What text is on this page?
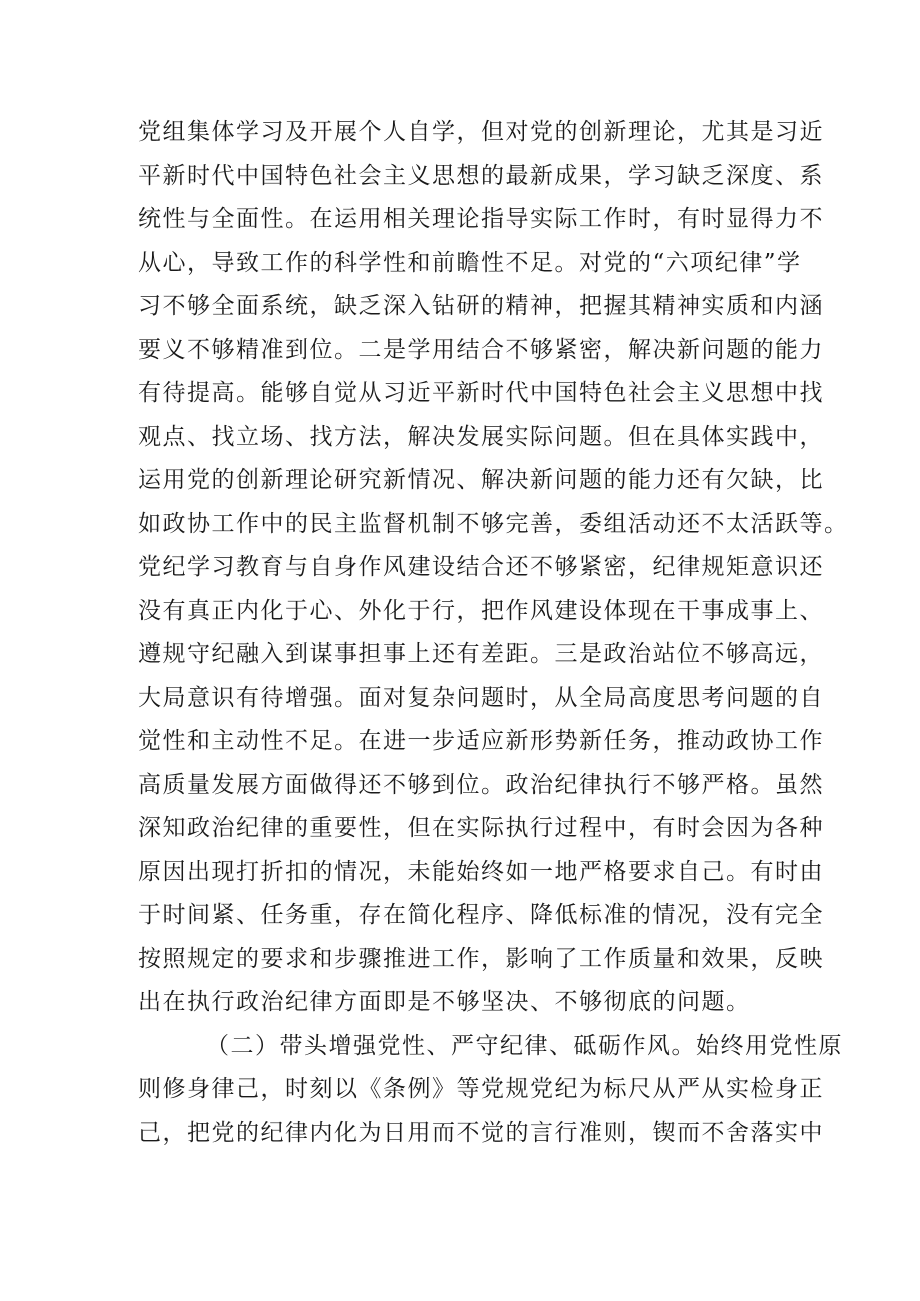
党组集体学习及开展个人自学，但对党的创新理论，尤其是习近
平新时代中国特色社会主义思想的最新成果，学习缺乏深度、系
统性与全面性。在运用相关理论指导实际工作时，有时显得力不
从心，导致工作的科学性和前瞻性不足。对党的“六项纪律”学
习不够全面系统，缺乏深入钻研的精神，把握其精神实质和内涵
要义不够精准到位。二是学用结合不够紧密，解决新问题的能力
有待提高。能够自觉从习近平新时代中国特色社会主义思想中找
观点、找立场、找方法，解决发展实际问题。但在具体实践中，
运用党的创新理论研究新情况、解决新问题的能力还有欠缺，比
如政协工作中的民主监督机制不够完善，委组活动还不太活跃等。
党纪学习教育与自身作风建设结合还不够紧密，纪律规矩意识还
没有真正内化于心、外化于行，把作风建设体现在干事成事上、
遵规守纪融入到谋事担事上还有差距。三是政治站位不够高远，
大局意识有待增强。面对复杂问题时，从全局高度思考问题的自
觉性和主动性不足。在进一步适应新形势新任务，推动政协工作
高质量发展方面做得还不够到位。政治纪律执行不够严格。虽然
深知政治纪律的重要性，但在实际执行过程中，有时会因为各种
原因出现打折扣的情况，未能始终如一地严格要求自己。有时由
于时间紧、任务重，存在简化程序、降低标准的情况，没有完全
按照规定的要求和步骤推进工作，影响了工作质量和效果，反映
出在执行政治纪律方面即是不够坚决、不够彻底的问题。
（二）带头增强党性、严守纪律、砥砺作风。始终用党性原
则修身律己，时刻以《条例》等党规党纪为标尺从严从实检身正
己，把党的纪律内化为日用而不觉的言行准则，锲而不舍落实中
